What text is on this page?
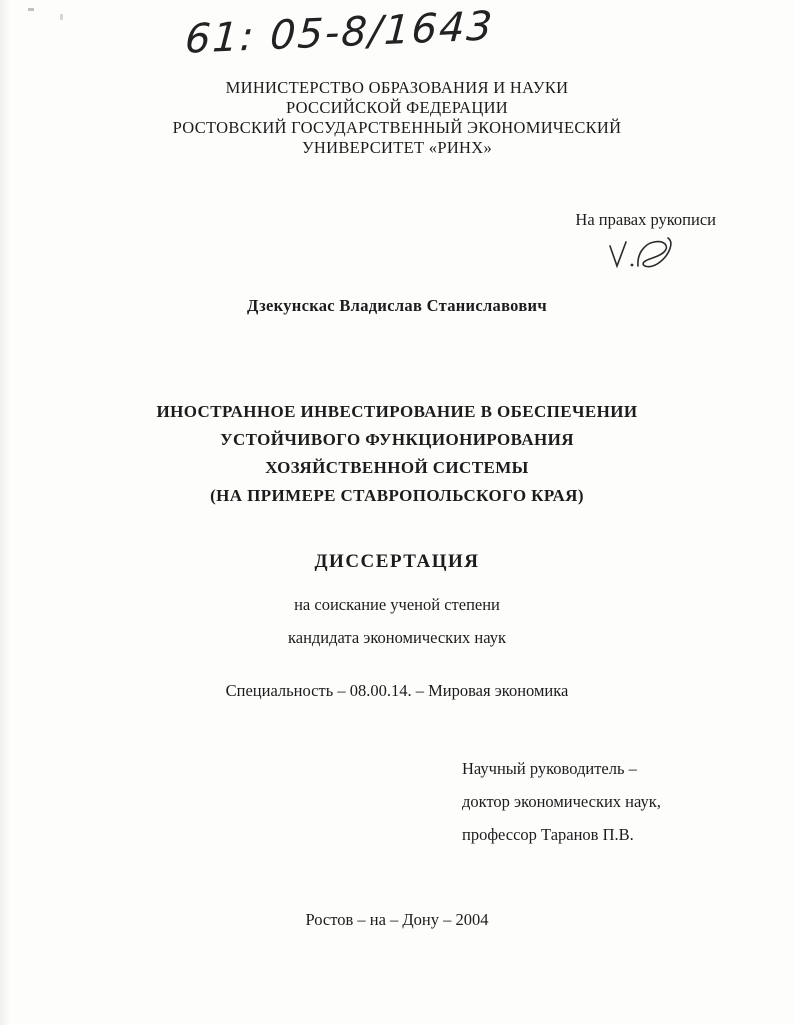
61: 05-8/1643
МИНИСТЕРСТВО ОБРАЗОВАНИЯ И НАУКИ
РОССИЙСКОЙ ФЕДЕРАЦИИ
РОСТОВСКИЙ ГОСУДАРСТВЕННЫЙ ЭКОНОМИЧЕСКИЙ
УНИВЕРСИТЕТ «РИНХ»
На правах рукописи
Дзекунскас Владислав Станиславович
ИНОСТРАННОЕ ИНВЕСТИРОВАНИЕ В ОБЕСПЕЧЕНИИ
УСТОЙЧИВОГО ФУНКЦИОНИРОВАНИЯ
ХОЗЯЙСТВЕННОЙ СИСТЕМЫ
(НА ПРИМЕРЕ СТАВРОПОЛЬСКОГО КРАЯ)
ДИССЕРТАЦИЯ
на соискание ученой степени
кандидата экономических наук
Специальность – 08.00.14. – Мировая экономика
Научный руководитель –
доктор экономических наук,
профессор Таранов П.В.
Ростов – на – Дону – 2004
